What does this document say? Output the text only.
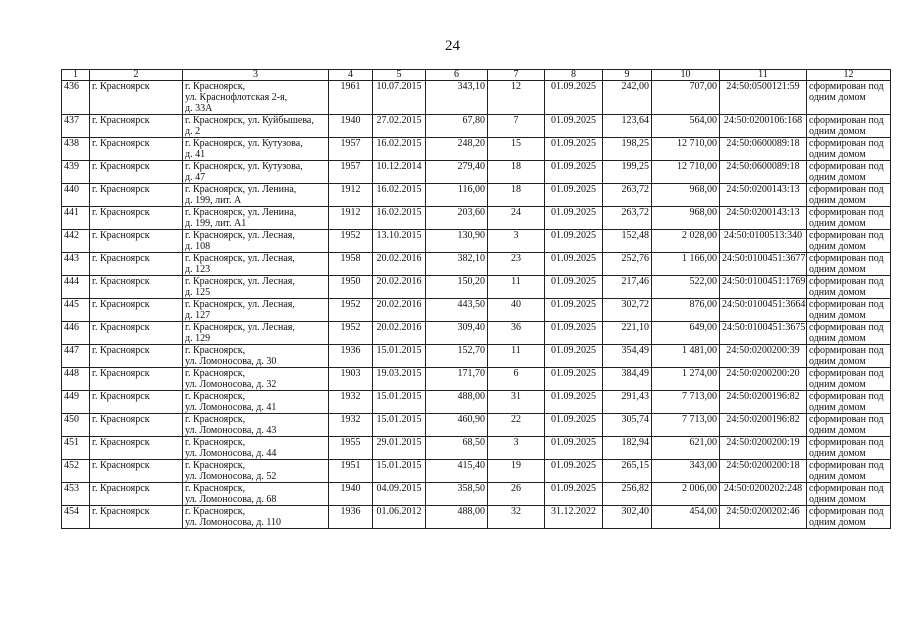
24
1	2	3	4	5	6	7	8	9	10	11	12
436	г. Красноярск	г. Красноярск,
ул. Краснофлотская 2-я,
д. 33А	1961	10.07.2015	343,10	12	01.09.2025	242,00	707,00	24:50:0500121:59	сформирован под одним домом
437	г. Красноярск	г. Красноярск, ул. Куйбышева,
д. 2	1940	27.02.2015	67,80	7	01.09.2025	123,64	564,00	24:50:0200106:168	сформирован под одним домом
438	г. Красноярск	г. Красноярск, ул. Кутузова,
д. 41	1957	16.02.2015	248,20	15	01.09.2025	198,25	12 710,00	24:50:0600089:18	сформирован под одним домом
439	г. Красноярск	г. Красноярск, ул. Кутузова,
д. 47	1957	10.12.2014	279,40	18	01.09.2025	199,25	12 710,00	24:50:0600089:18	сформирован под одним домом
440	г. Красноярск	г. Красноярск, ул. Ленина,
д. 199, лит. А	1912	16.02.2015	116,00	18	01.09.2025	263,72	968,00	24:50:0200143:13	сформирован под одним домом
441	г. Красноярск	г. Красноярск, ул. Ленина,
д. 199, лит. А1	1912	16.02.2015	203,60	24	01.09.2025	263,72	968,00	24:50:0200143:13	сформирован под одним домом
442	г. Красноярск	г. Красноярск, ул. Лесная,
д. 108	1952	13.10.2015	130,90	3	01.09.2025	152,48	2 028,00	24:50:0100513:340	сформирован под одним домом
443	г. Красноярск	г. Красноярск, ул. Лесная,
д. 123	1958	20.02.2016	382,10	23	01.09.2025	252,76	1 166,00	24:50:0100451:3677	сформирован под одним домом
444	г. Красноярск	г. Красноярск, ул. Лесная,
д. 125	1950	20.02.2016	150,20	11	01.09.2025	217,46	522,00	24:50:0100451:1769	сформирован под одним домом
445	г. Красноярск	г. Красноярск, ул. Лесная,
д. 127	1952	20.02.2016	443,50	40	01.09.2025	302,72	876,00	24:50:0100451:3664	сформирован под одним домом
446	г. Красноярск	г. Красноярск, ул. Лесная,
д. 129	1952	20.02.2016	309,40	36	01.09.2025	221,10	649,00	24:50:0100451:3675	сформирован под одним домом
447	г. Красноярск	г. Красноярск,
ул. Ломоносова, д. 30	1936	15.01.2015	152,70	11	01.09.2025	354,49	1 481,00	24:50:0200200:39	сформирован под одним домом
448	г. Красноярск	г. Красноярск,
ул. Ломоносова, д. 32	1903	19.03.2015	171,70	6	01.09.2025	384,49	1 274,00	24:50:0200200:20	сформирован под одним домом
449	г. Красноярск	г. Красноярск,
ул. Ломоносова, д. 41	1932	15.01.2015	488,00	31	01.09.2025	291,43	7 713,00	24:50:0200196:82	сформирован под одним домом
450	г. Красноярск	г. Красноярск,
ул. Ломоносова, д. 43	1932	15.01.2015	460,90	22	01.09.2025	305,74	7 713,00	24:50:0200196:82	сформирован под одним домом
451	г. Красноярск	г. Красноярск,
ул. Ломоносова, д. 44	1955	29.01.2015	68,50	3	01.09.2025	182,94	621,00	24:50:0200200:19	сформирован под одним домом
452	г. Красноярск	г. Красноярск,
ул. Ломоносова, д. 52	1951	15.01.2015	415,40	19	01.09.2025	265,15	343,00	24:50:0200200:18	сформирован под одним домом
453	г. Красноярск	г. Красноярск,
ул. Ломоносова, д. 68	1940	04.09.2015	358,50	26	01.09.2025	256,82	2 006,00	24:50:0200202:248	сформирован под одним домом
454	г. Красноярск	г. Красноярск,
ул. Ломоносова, д. 110	1936	01.06.2012	488,00	32	31.12.2022	302,40	454,00	24:50:0200202:46	сформирован под одним домом
